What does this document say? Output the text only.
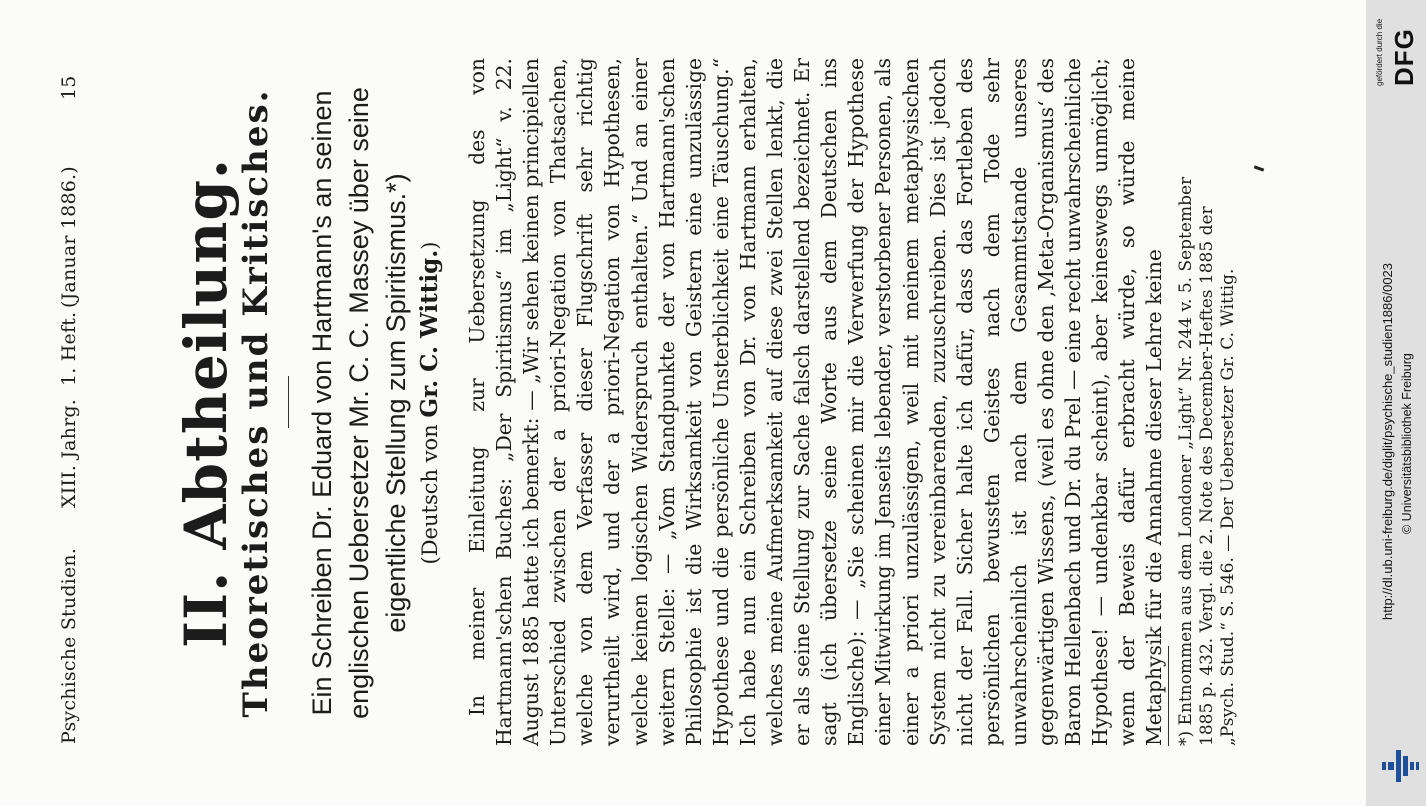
Psychische Studien.
XIII. Jahrg.
1. Heft.
(Januar 1886.)
15
II. Abtheilung.
Theoretisches und Kritisches. Ein Schreiben Dr. Eduard von Hartmann's an seinen englischen Uebersetzer Mr. C. C. Massey über seine eigentliche Stellung zum Spiritismus.*) (Deutsch von Gr. C. Wittig.) In meiner Einleitung zur Uebersetzung des von Hartmann'schen Buches: „Der Spiritismus“ im „Light“ v. 22. August 1885 hatte ich bemerkt: — „Wir sehen keinen principiellen Unterschied zwischen der a priori-Negation von Thatsachen, welche von dem Verfasser dieser Flugschrift sehr richtig verurtheilt wird, und der a priori-Negation von Hypothesen, welche keinen logischen Widerspruch enthalten.“ Und an einer weitern Stelle: — „Vom Standpunkte der von Hartmann'schen Philosophie ist die Wirksamkeit von Geistern eine unzulässige Hypothese und die persönliche Unsterblichkeit eine Täuschung.“ Ich habe nun ein Schreiben von Dr. von Hartmann erhalten, welches meine Aufmerksamkeit auf diese zwei Stellen lenkt, die er als seine Stellung zur Sache falsch darstellend bezeichnet. Er sagt (ich übersetze seine Worte aus dem Deutschen ins Englische): — „Sie scheinen mir die Verwerfung der Hypothese einer Mitwirkung im Jenseits lebender, verstorbener Personen, als einer a priori unzulässigen, weil mit meinem metaphysischen System nicht zu vereinbarenden, zuzuschreiben. Dies ist jedoch nicht der Fall. Sicher halte ich dafür, dass das Fortleben des persönlichen bewussten Geistes nach dem Tode sehr unwahrscheinlich ist nach dem Gesammtstande unseres gegenwärtigen Wissens, (weil es ohne den ‚Meta-Organismus‘ des Baron Hellenbach und Dr. du Prel — eine recht unwahrscheinliche Hypothese! — undenkbar scheint), aber keineswegs unmöglich; wenn der Beweis dafür erbracht würde, so würde meine Metaphysik für die Annahme dieser Lehre keine *) Entnommen aus dem Londoner „Light“ Nr. 244 v. 5. September 1885 p. 432. Vergl. die 2. Note des December-Heftes 1885 der „Psych. Stud.“ S. 546. — Der Uebersetzer Gr. C. Wittig.	http://dl.ub.uni-freiburg.de/diglit/psychische_studien1886/0023 © Universitätsbibliothek Freiburg
gefördert durch die DFG
